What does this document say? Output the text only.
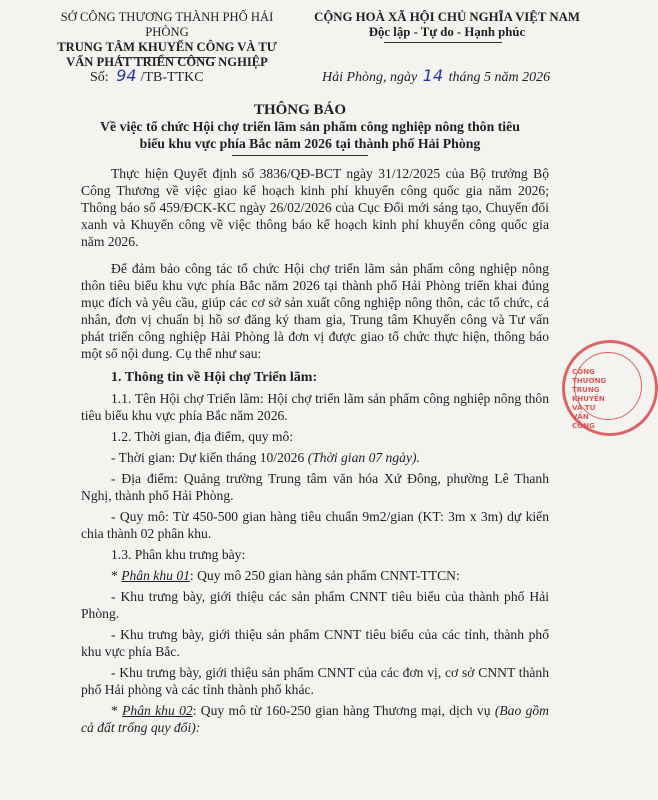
SỞ CÔNG THƯƠNG THÀNH PHỐ HẢI PHÒNG
TRUNG TÂM KHUYẾN CÔNG VÀ TƯ
VẤN PHÁT TRIỂN CÔNG NGHIỆP
CỘNG HOÀ XÃ HỘI CHỦ NGHĨA VIỆT NAM
Độc lập - Tự do - Hạnh phúc
Số: 94 /TB-TTKC	Hải Phòng, ngày 14 tháng 5 năm 2026
THÔNG BÁO
Về việc tổ chức Hội chợ triển lãm sản phẩm công nghiệp nông thôn tiêu
biểu khu vực phía Bắc năm 2026 tại thành phố Hải Phòng

Thực hiện Quyết định số 3836/QĐ-BCT ngày 31/12/2025 của Bộ trưởng Bộ Công Thương về việc giao kế hoạch kinh phí khuyến công quốc gia năm 2026; Thông báo số 459/ĐCK-KC ngày 26/02/2026 của Cục Đổi mới sáng tạo, Chuyển đổi xanh và Khuyến công về việc thông báo kế hoạch kinh phí khuyến công quốc gia năm 2026.

Để đảm bảo công tác tổ chức Hội chợ triển lãm sản phẩm công nghiệp nông thôn tiêu biểu khu vực phía Bắc năm 2026 tại thành phố Hải Phòng triển khai đúng mục đích và yêu cầu, giúp các cơ sở sản xuất công nghiệp nông thôn, các tổ chức, cá nhân, đơn vị chuẩn bị hồ sơ đăng ký tham gia, Trung tâm Khuyến công và Tư vấn phát triển công nghiệp Hải Phòng là đơn vị được giao tổ chức thực hiện, thông báo một số nội dung. Cụ thể như sau:

1. Thông tin về Hội chợ Triển lãm:

1.1. Tên Hội chợ Triển lãm: Hội chợ triển lãm sản phẩm công nghiệp nông thôn tiêu biểu khu vực phía Bắc năm 2026.

1.2. Thời gian, địa điểm, quy mô:

- Thời gian: Dự kiến tháng 10/2026 (Thời gian 07 ngày).

- Địa điểm: Quảng trường Trung tâm văn hóa Xứ Đông, phường Lê Thanh Nghị, thành phố Hải Phòng.

- Quy mô: Từ 450-500 gian hàng tiêu chuẩn 9m2/gian (KT: 3m x 3m) dự kiến chia thành 02 phân khu.

1.3. Phân khu trưng bày:

* Phân khu 01: Quy mô 250 gian hàng sản phẩm CNNT-TTCN:

- Khu trưng bày, giới thiệu các sản phẩm CNNT tiêu biểu của thành phố Hải Phòng.

- Khu trưng bày, giới thiệu sản phẩm CNNT tiêu biểu của các tỉnh, thành phố khu vực phía Bắc.

- Khu trưng bày, giới thiệu sản phẩm CNNT của các đơn vị, cơ sở CNNT thành phố Hải phòng và các tỉnh thành phố khác.

* Phân khu 02: Quy mô từ 160-250 gian hàng Thương mại, dịch vụ (Bao gồm cả đất trống quy đổi):

CÔNG THƯƠNG TRUNG KHUYẾN VÀ TƯ VẤN CÔNG
